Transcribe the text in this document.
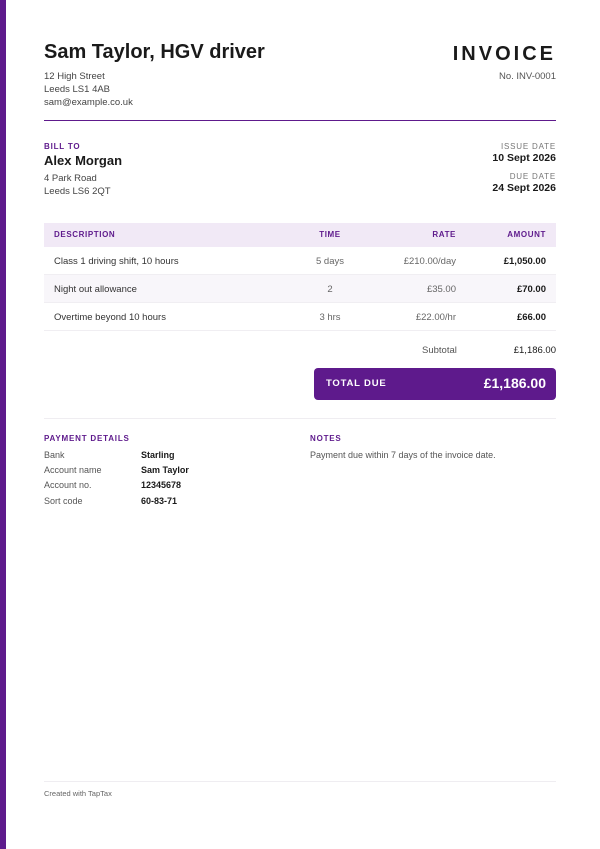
Sam Taylor, HGV driver
12 High Street
Leeds LS1 4AB
sam@example.co.uk
INVOICE
No. INV-0001
BILL TO
Alex Morgan
4 Park Road
Leeds LS6 2QT
ISSUE DATE
10 Sept 2026
DUE DATE
24 Sept 2026
DESCRIPTION	TIME	RATE	AMOUNT
Class 1 driving shift, 10 hours	5 days	£210.00/day	£1,050.00
Night out allowance	2	£35.00	£70.00
Overtime beyond 10 hours	3 hrs	£22.00/hr	£66.00
Subtotal	£1,186.00
TOTAL DUE	£1,186.00
PAYMENT DETAILS
Bank	Starling
Account name	Sam Taylor
Account no.	12345678
Sort code	60-83-71
NOTES
Payment due within 7 days of the invoice date.
Created with TapTax
